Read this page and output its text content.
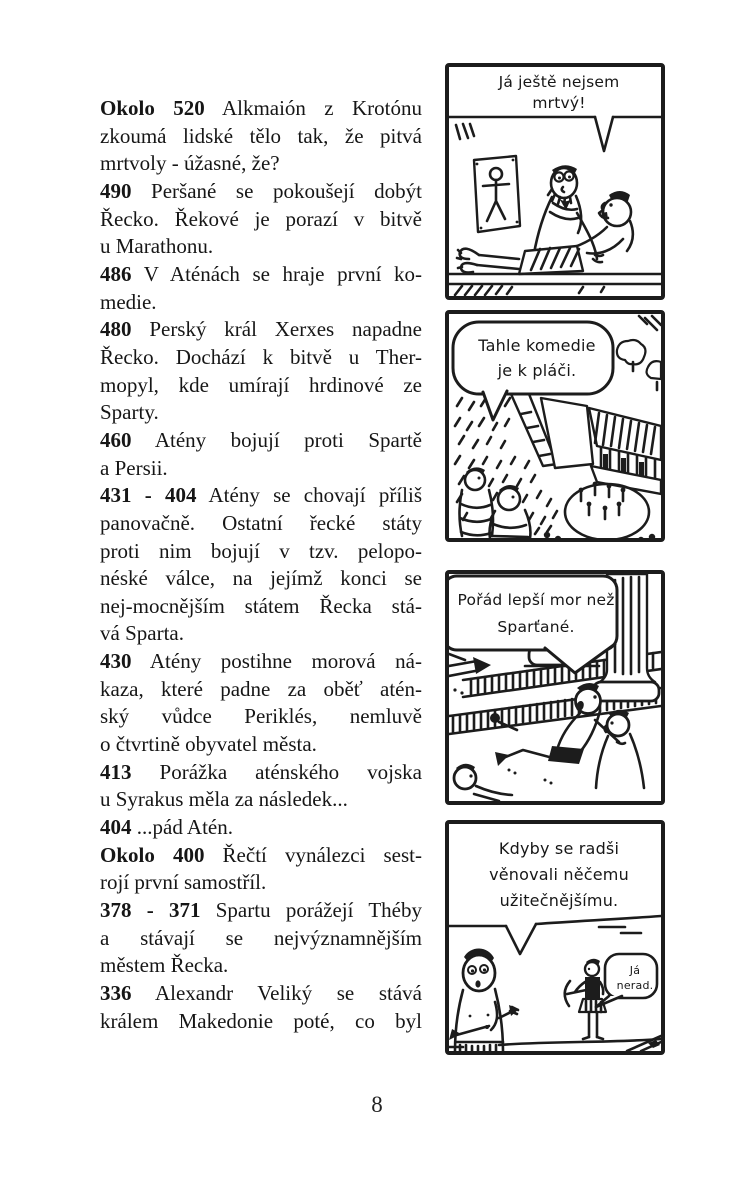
Okolo 520 Alkmaión z Krotónu
zkoumá lidské tělo tak, že pitvá
mrtvoly - úžasné, že?
490 Peršané se pokoušejí dobýt
Řecko. Řekové je porazí v bitvě
u Marathonu.
486 V Aténách se hraje první ko-
medie.
480 Perský král Xerxes napadne
Řecko. Dochází k bitvě u Ther-
mopyl, kde umírají hrdinové ze
Sparty.
460 Atény bojují proti Spartě
a Persii.
431 - 404 Atény se chovají příliš
panovačně. Ostatní řecké státy
proti nim bojují v tzv. pelopo-
néské válce, na jejímž konci se
nej-mocnějším státem Řecka stá-
vá Sparta.
430 Atény postihne morová ná-
kaza, které padne za oběť atén-
ský vůdce Periklés, nemluvě
o čtvrtině obyvatel města.
413 Porážka aténského vojska
u Syrakus měla za následek...
404 ...pád Atén.
Okolo 400 Řečtí vynálezci sest-
rojí první samostříl.
378 - 371 Spartu porážejí Théby
a stávají se nejvýznamnějším
městem Řecka.
336 Alexandr Veliký se stává
králem Makedonie poté, co byl
Já ještě nejsem
mrtvý!
Tahle komedie
je k pláči.
Pořád lepší mor než
Sparťané.
Kdyby se radši
věnovali něčemu
užitečnějšímu.
Já
nerad.
8
